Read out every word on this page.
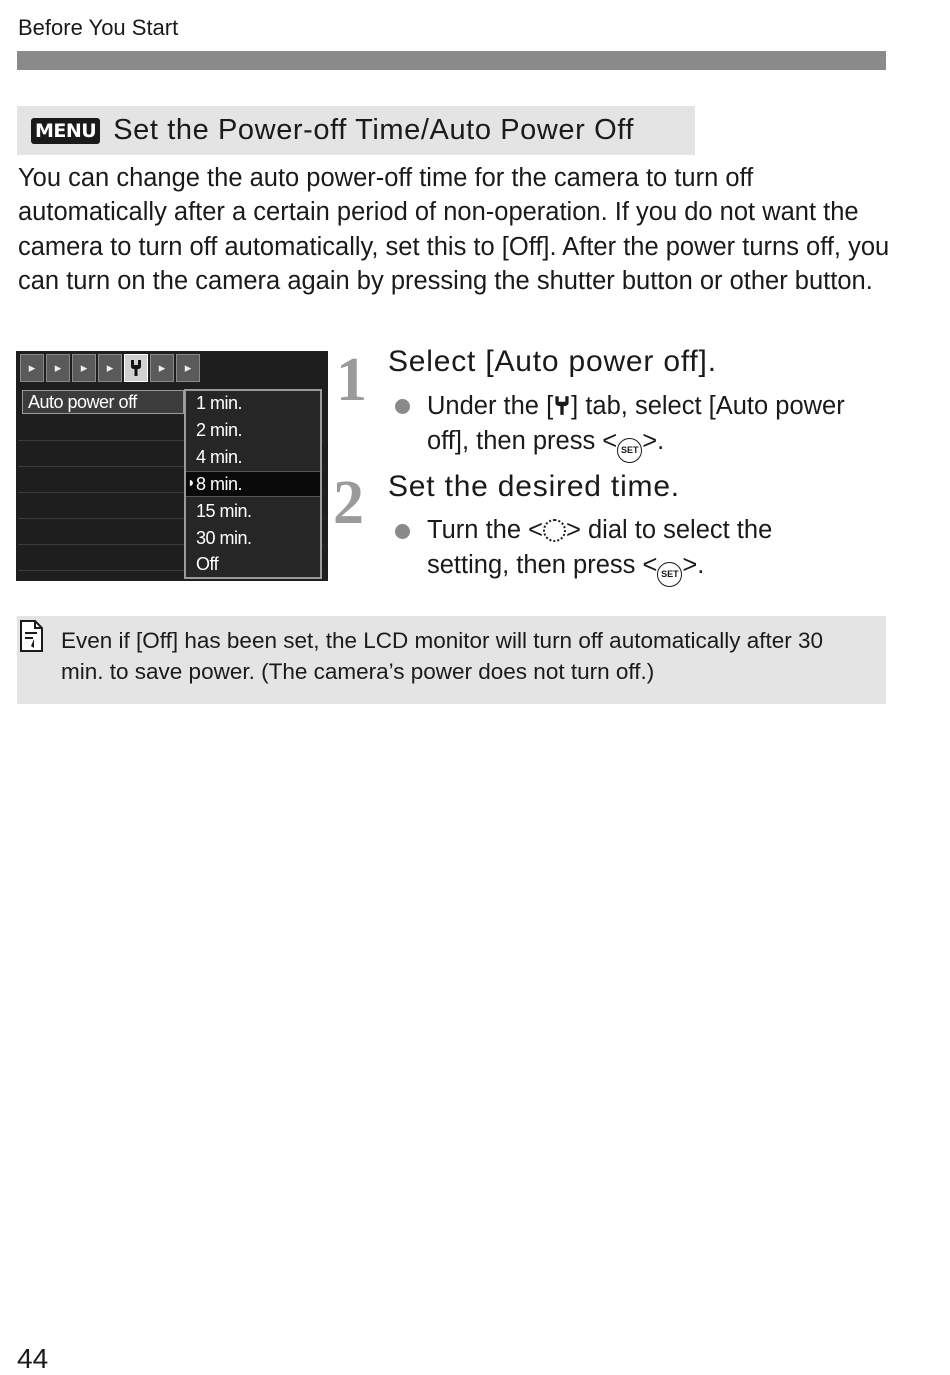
Before You Start
MENU Set the Power-off Time/Auto Power Off
You can change the auto power-off time for the camera to turn off automatically after a certain period of non-operation. If you do not want the camera to turn off automatically, set this to [Off]. After the power turns off, you can turn on the camera again by pressing the shutter button or other button.
▸	▸	▸	▸	▸	▸
Auto power off
◗
1 min.
2 min.
4 min.
8 min.
15 min.
30 min.
Off
1 Select [Auto power off].
Under the [ ] tab, select [Auto power off], then press < SET >.
2 Set the desired time.
Turn the < > dial to select the setting, then press < SET >.
Even if [Off] has been set, the LCD monitor will turn off automatically after 30 min. to save power. (The camera’s power does not turn off.)
44
